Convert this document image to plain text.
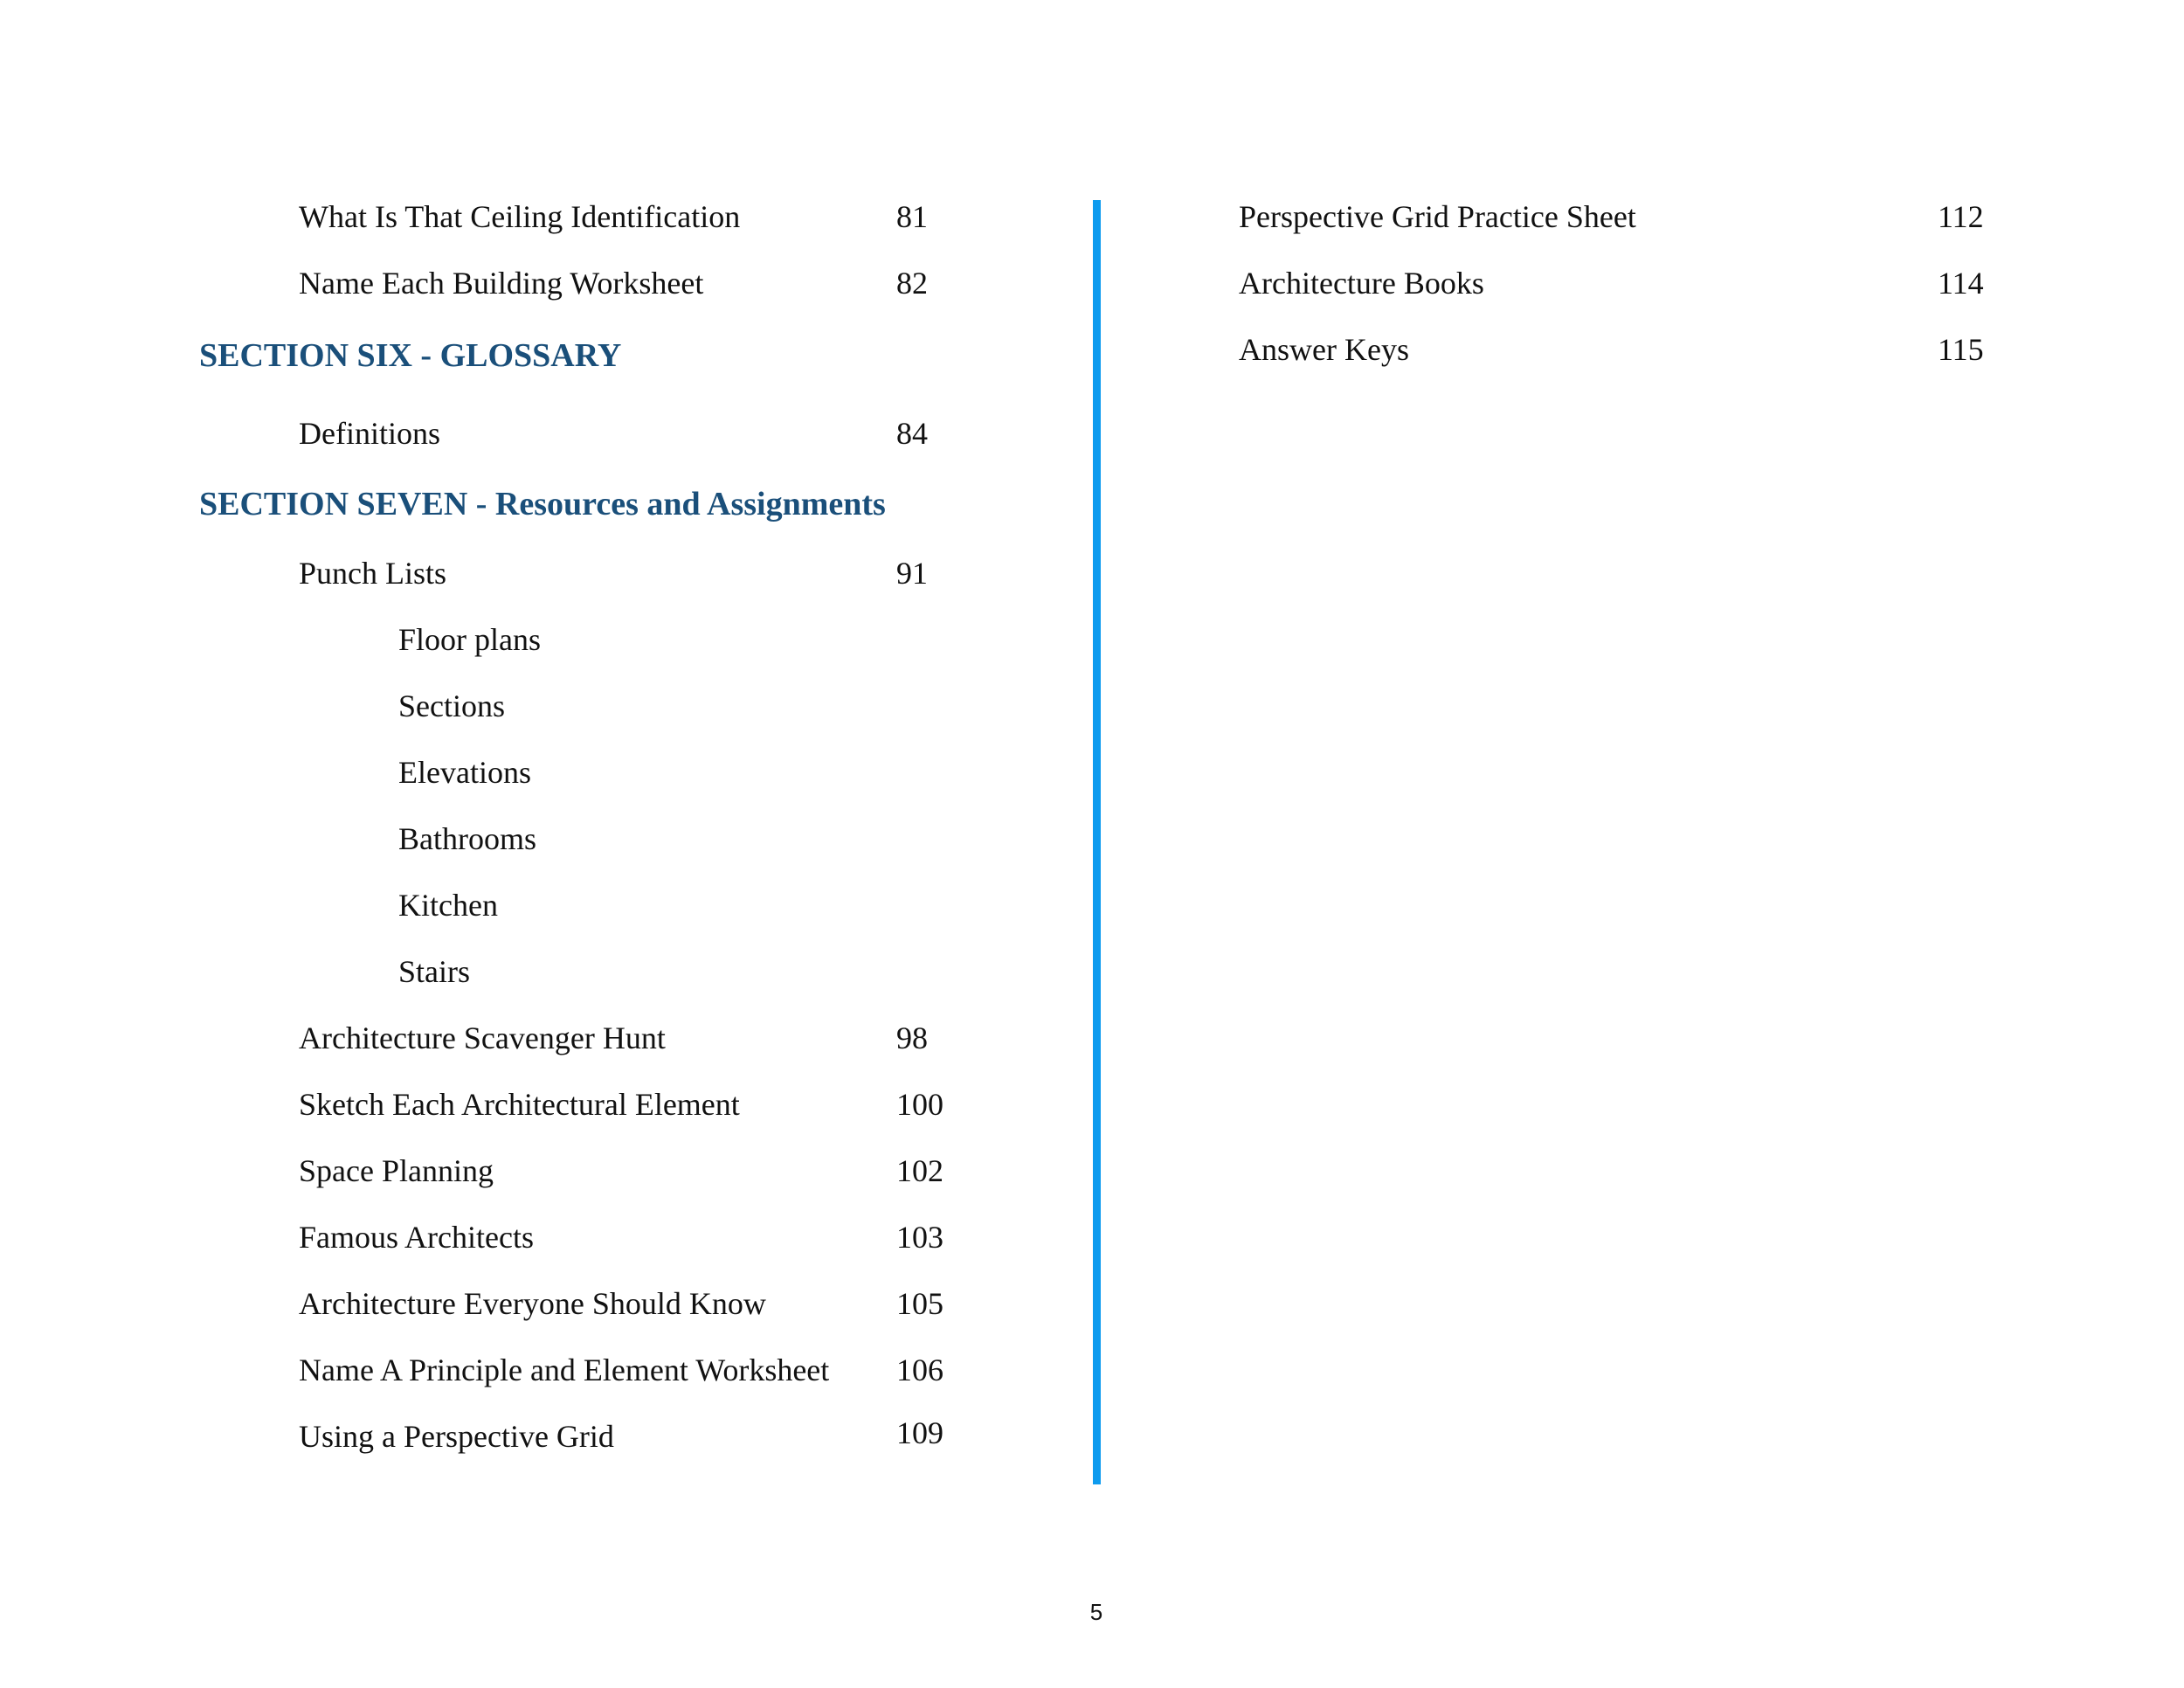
What Is That Ceiling Identification	81
Name Each Building Worksheet	82
SECTION SIX - GLOSSARY
Definitions	84
SECTION SEVEN - Resources and Assignments
Punch Lists	91
Floor plans
Sections
Elevations
Bathrooms
Kitchen
Stairs
Architecture Scavenger Hunt	98
Sketch Each Architectural Element	100
Space Planning	102
Famous Architects	103
Architecture Everyone Should Know	105
Name A Principle and Element Worksheet 106
Using a Perspective Grid	109
Perspective Grid Practice Sheet	112
Architecture Books	114
Answer Keys	115
5
